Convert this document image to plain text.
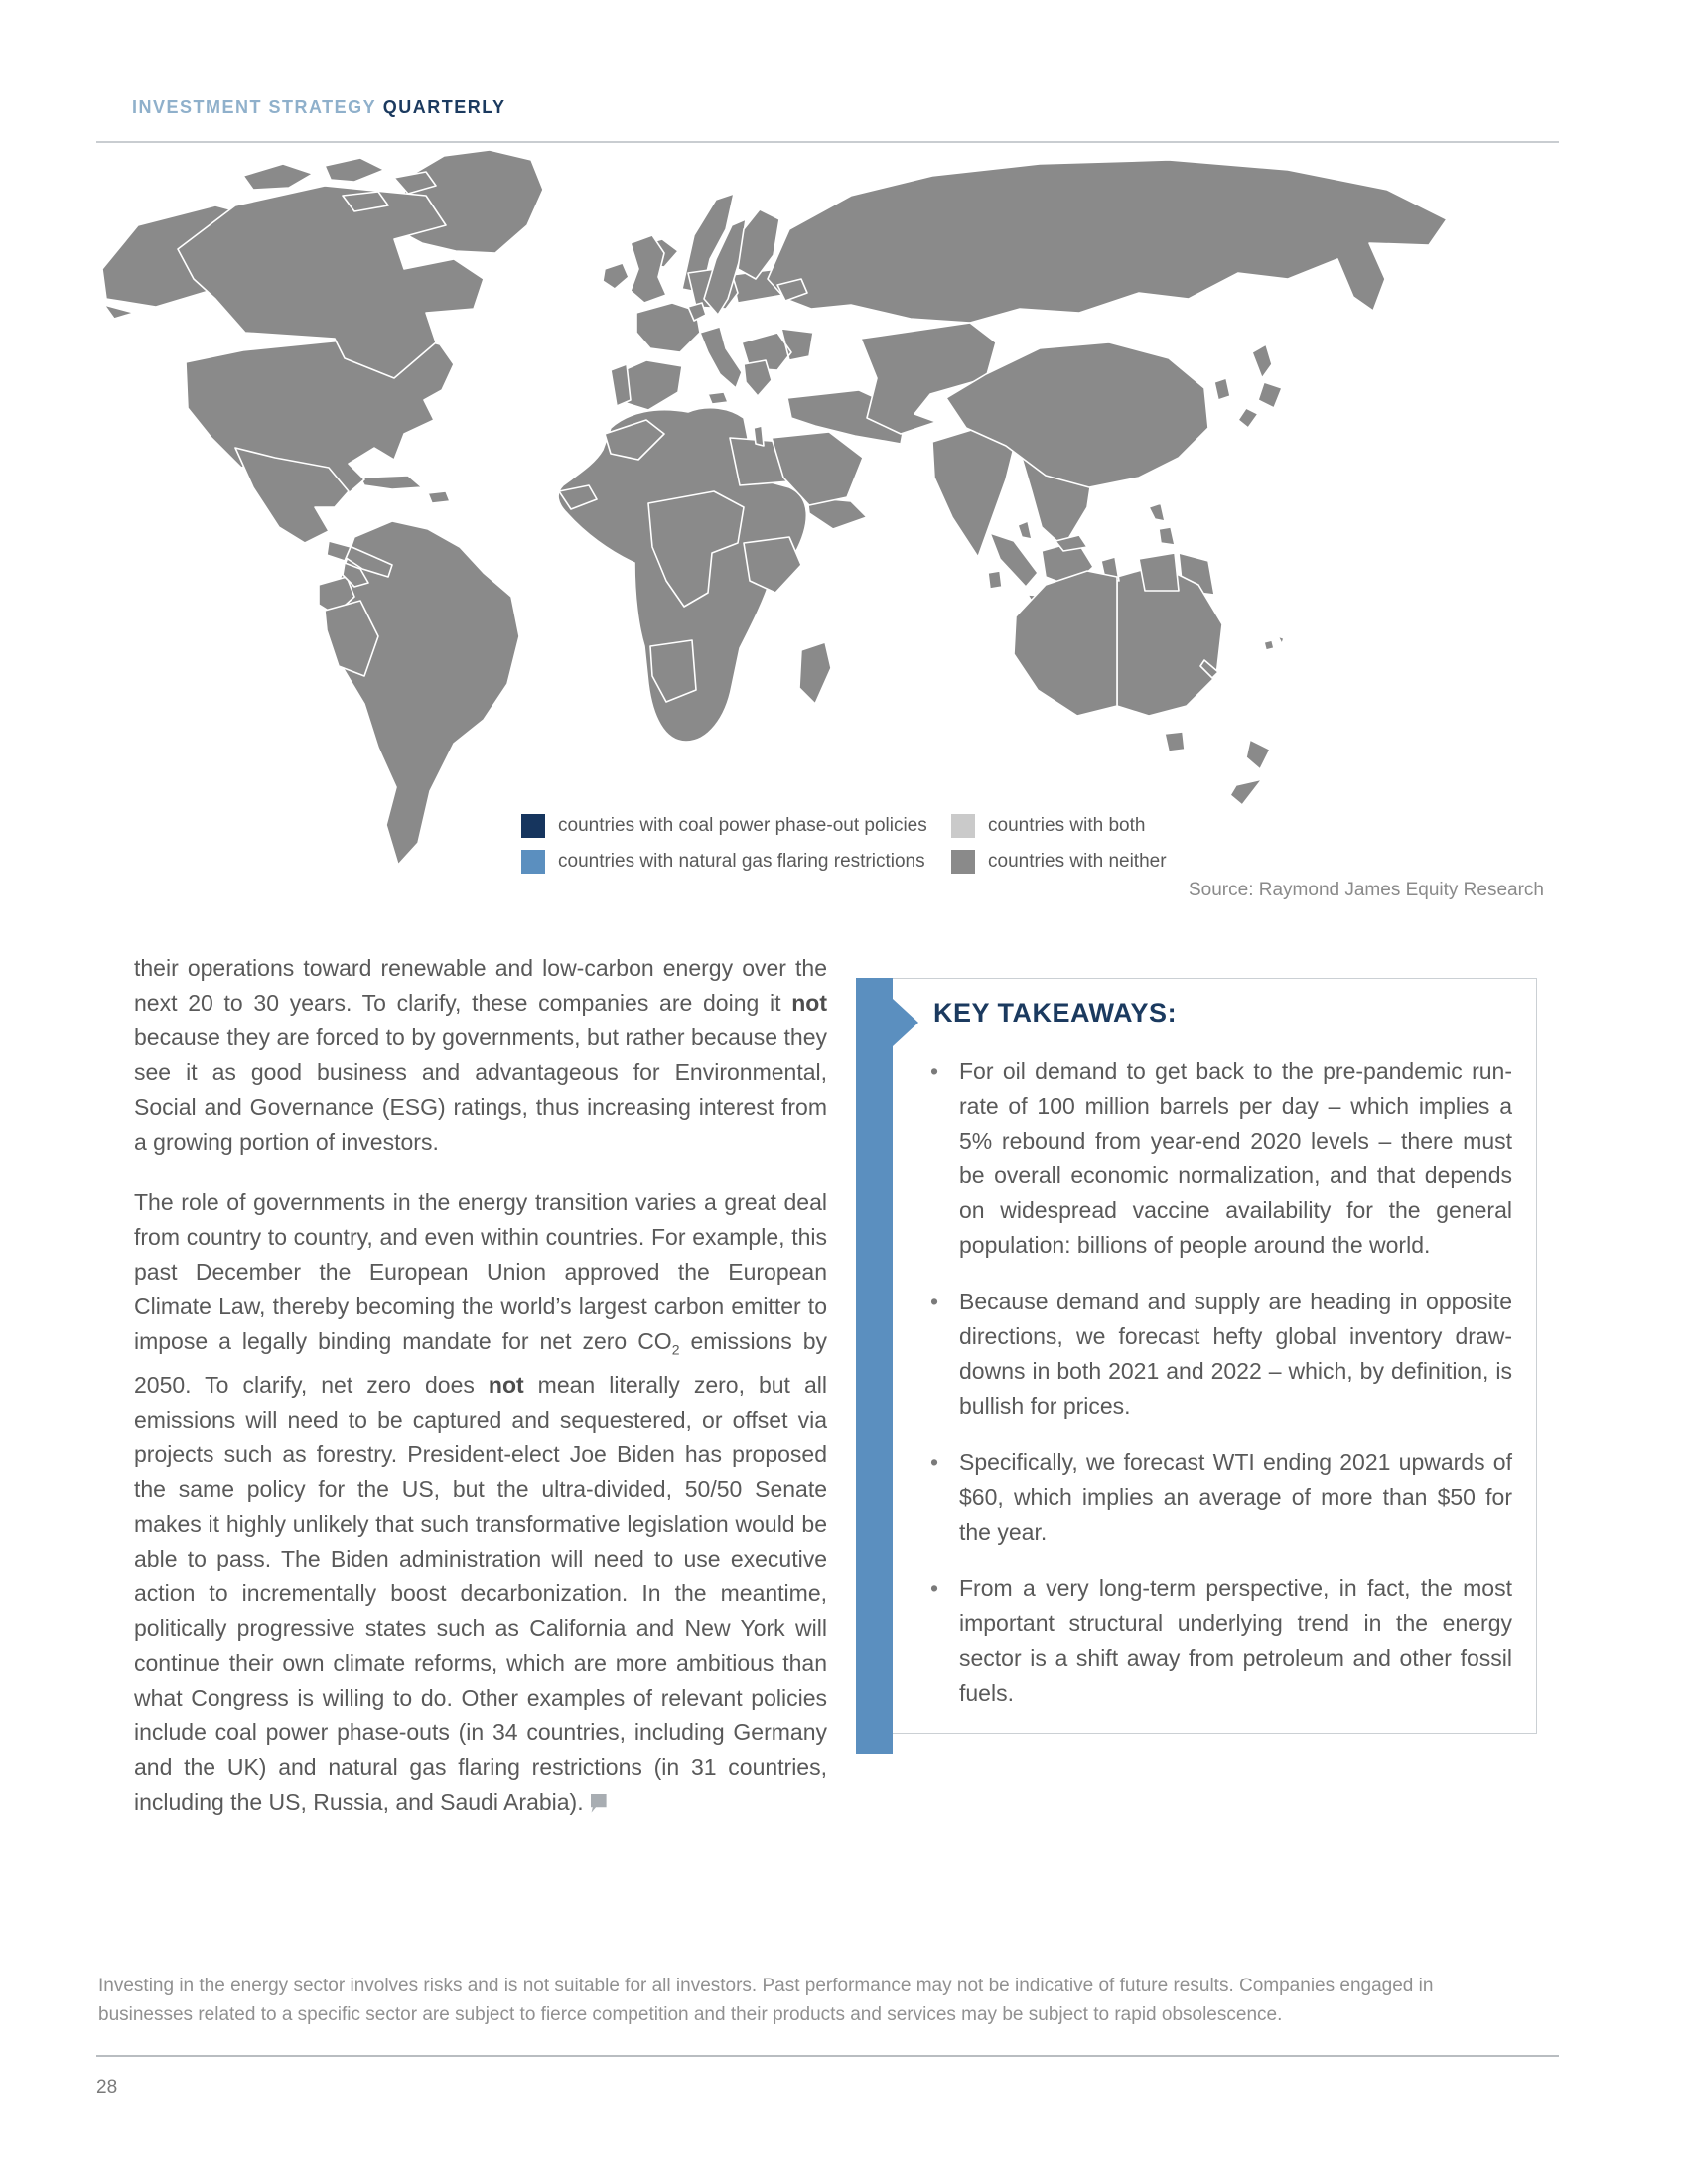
INVESTMENT STRATEGY QUARTERLY
countries with coal power phase-out policies	countries with both
countries with natural gas flaring restrictions	countries with neither
Source: Raymond James Equity Research

their operations toward renewable and low-carbon energy over the next 20 to 30 years. To clarify, these companies are doing it not because they are forced to by governments, but rather because they see it as good business and advantageous for Environmental, Social and Governance (ESG) ratings, thus increasing interest from a growing portion of investors.

The role of governments in the energy transition varies a great deal from country to country, and even within countries. For example, this past December the European Union approved the European Climate Law, thereby becoming the world’s largest carbon emitter to impose a legally binding mandate for net zero $CO_2$ emissions by 2050. To clarify, net zero does not mean literally zero, but all emissions will need to be captured and sequestered, or offset via projects such as forestry. President-elect Joe Biden has proposed the same policy for the US, but the ultra-divided, 50/50 Senate makes it highly unlikely that such transformative legislation would be able to pass. The Biden administration will need to use executive action to incrementally boost decarbonization. In the meantime, politically progressive states such as California and New York will continue their own climate reforms, which are more ambitious than what Congress is willing to do. Other examples of relevant policies include coal power phase-outs (in 34 countries, including Germany and the UK) and natural gas flaring restrictions (in 31 countries, including the US, Russia, and Saudi Arabia).

KEY TAKEAWAYS:
• For oil demand to get back to the pre-pandemic run-rate of 100 million barrels per day – which implies a 5% rebound from year-end 2020 levels – there must be overall economic normalization, and that depends on widespread vaccine availability for the general population: billions of people around the world.
• Because demand and supply are heading in opposite directions, we forecast hefty global inventory draw-downs in both 2021 and 2022 – which, by definition, is bullish for prices.
• Specifically, we forecast WTI ending 2021 upwards of $60, which implies an average of more than $50 for the year.
• From a very long-term perspective, in fact, the most important structural underlying trend in the energy sector is a shift away from petroleum and other fossil fuels.
Investing in the energy sector involves risks and is not suitable for all investors. Past performance may not be indicative of future results. Companies engaged in businesses related to a specific sector are subject to fierce competition and their products and services may be subject to rapid obsolescence.
28
